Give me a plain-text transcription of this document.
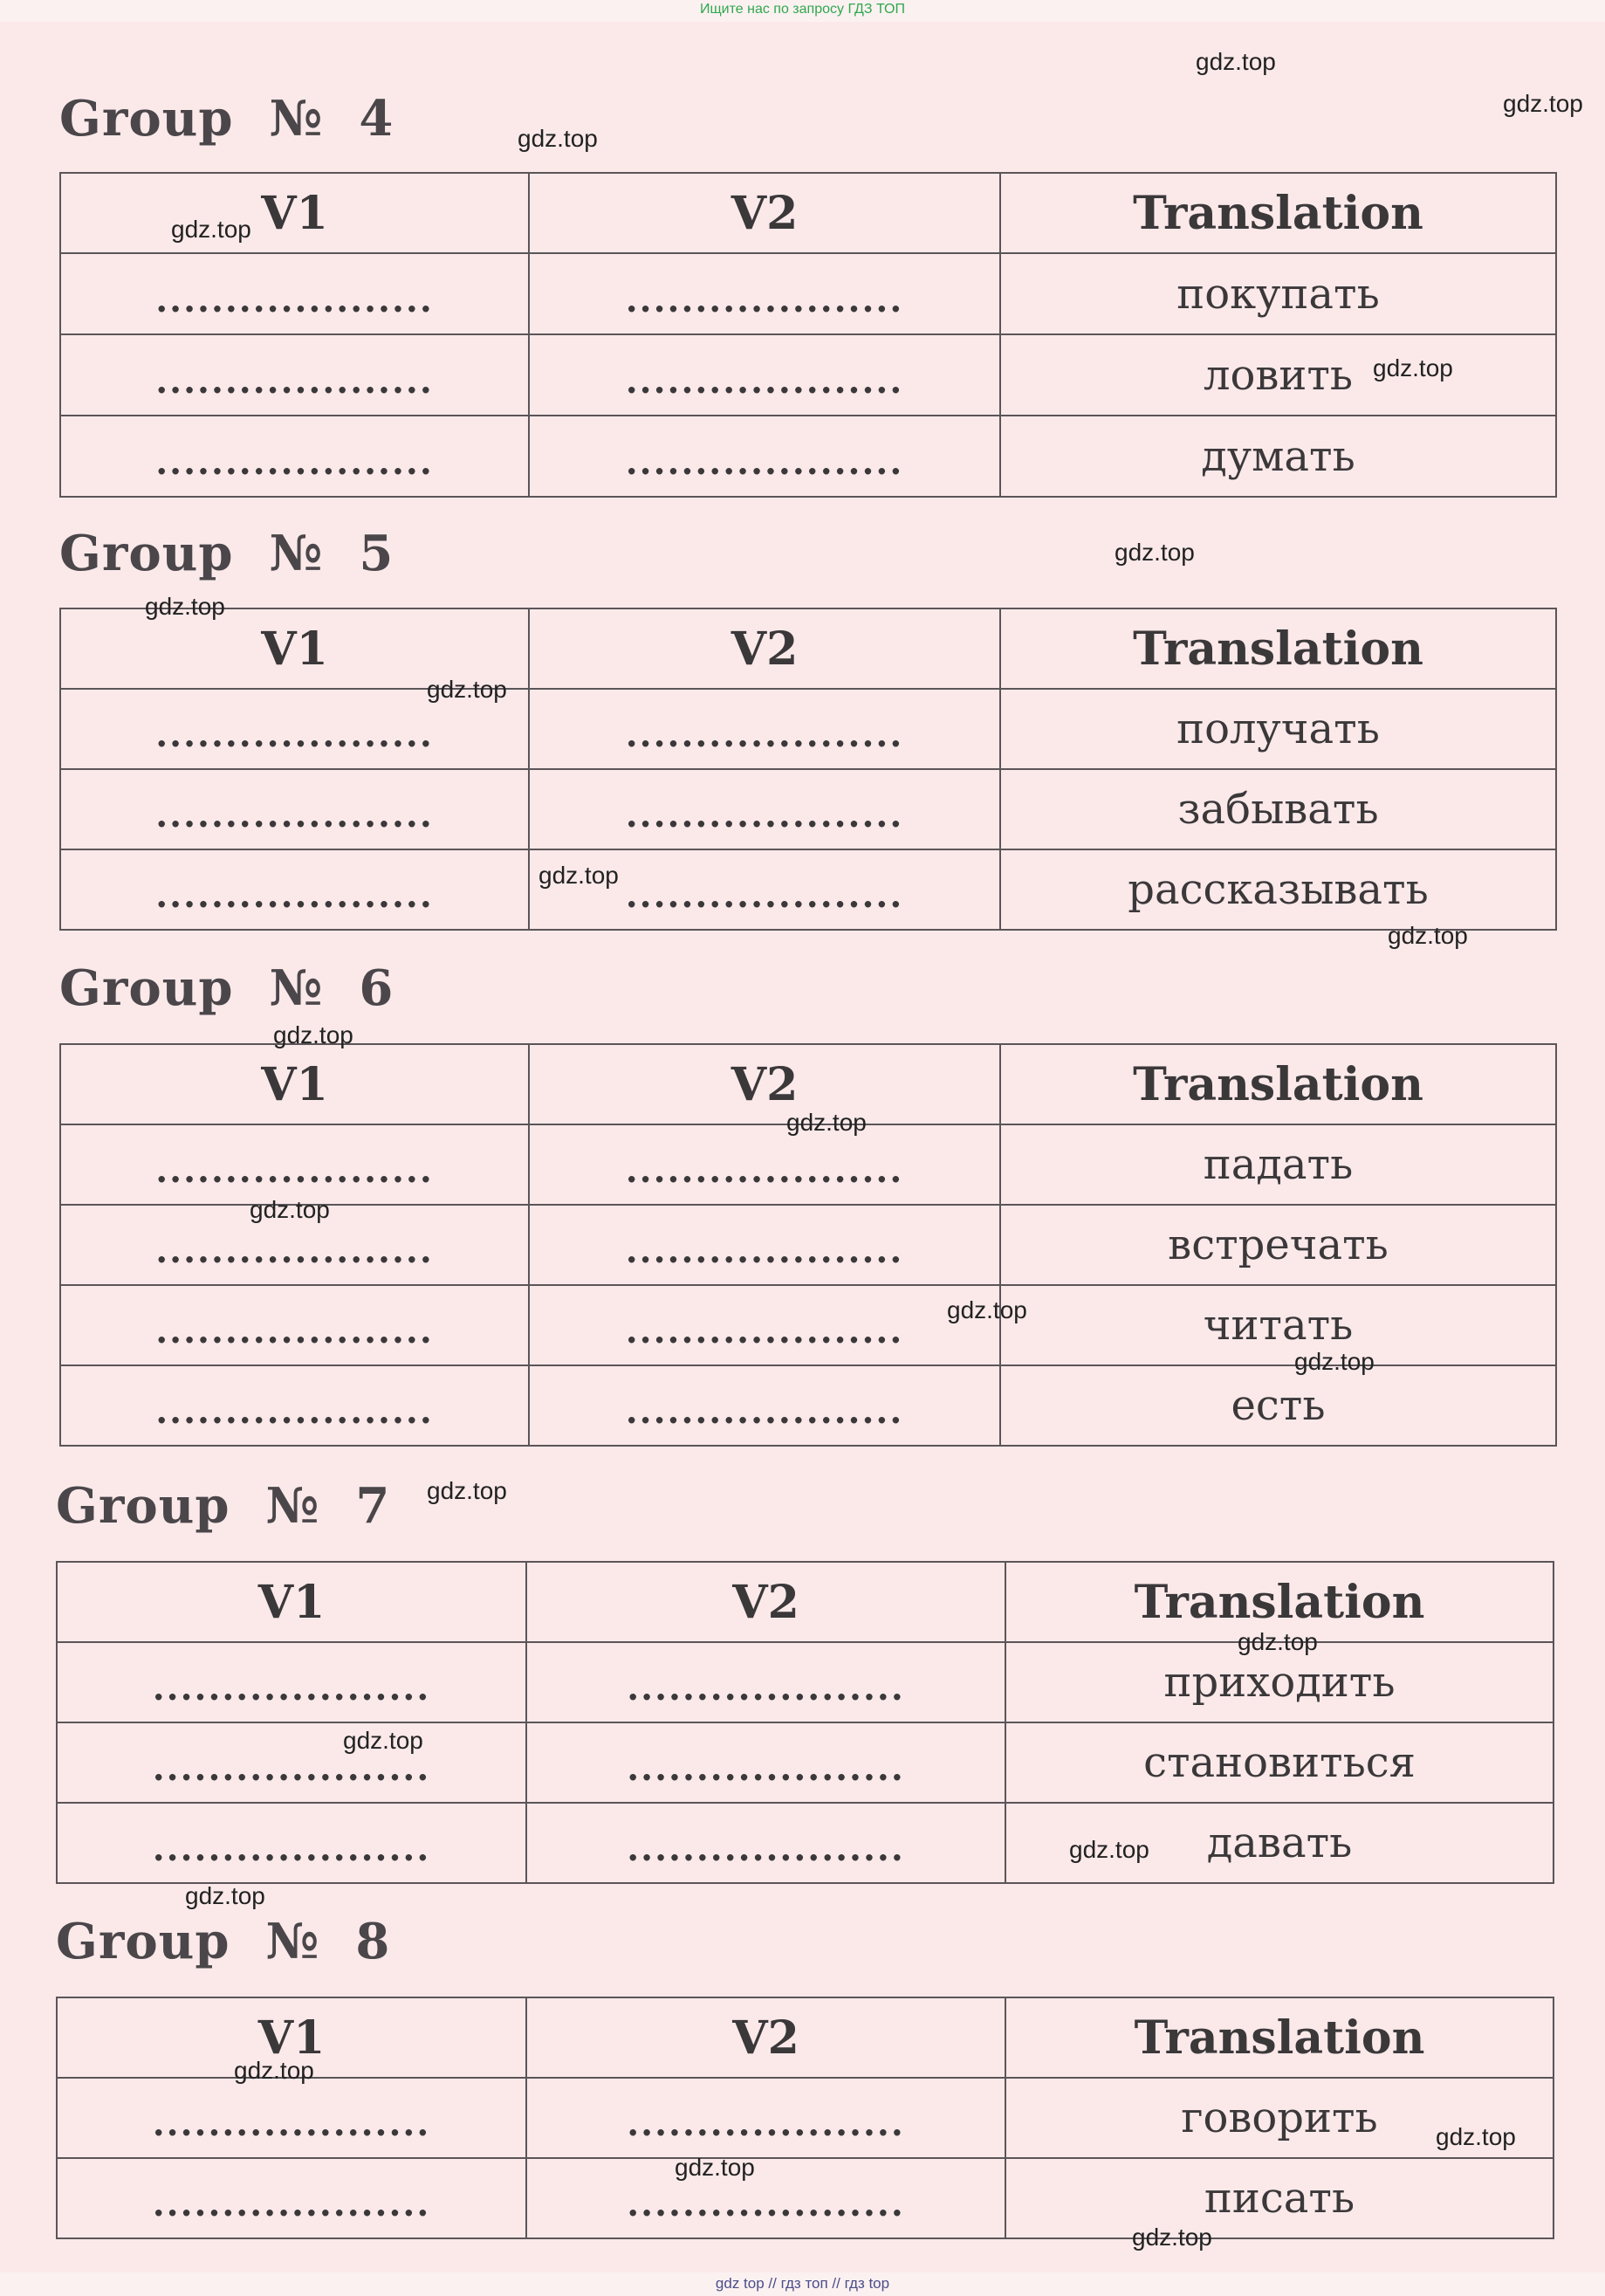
Ищите нас по запросу ГДЗ ТОП
Group  №  4
V1	V2	Translation
....................	....................	покупать
....................	....................	ловить
....................	....................	думать
Group  №  5
V1	V2	Translation
....................	....................	получать
....................	....................	забывать
....................	....................	рассказывать
Group  №  6
V1	V2	Translation
....................	....................	падать
....................	....................	встречать
....................	....................	читать
....................	....................	есть
Group  №  7
V1	V2	Translation
....................	....................	приходить
....................	....................	становиться
....................	....................	давать
Group  №  8
V1	V2	Translation
....................	....................	говорить
....................	....................	писать
gdz.top
gdz.top
gdz.top
gdz.top
gdz.top
gdz.top
gdz.top
gdz.top
gdz.top
gdz.top
gdz.top
gdz.top
gdz.top
gdz.top
gdz.top
gdz.top
gdz.top
gdz.top
gdz.top
gdz.top
gdz.top
gdz.top
gdz.top
gdz.top
gdz top // гдз топ // гдз top
